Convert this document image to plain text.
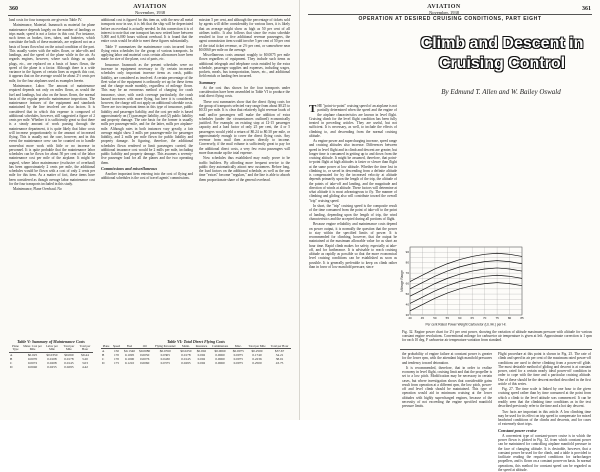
360	AVIATION
November, 1938

land costs for four transports are given in Table IV.

Maintenance, Material. Inasmuch as material for plane maintenance depends largely on the number of landings or trips made, speed is not a factor in this cost. For instance, such items as brakes, tires, tubes, and batteries, which constitute the bulk of these materials, are replaced not on a basis of hours flown but on the actual condition of the part. This usually varies with the miles flown, or take-offs and landings, and the speed of the plane while in the air. As regards engines, however, where such things as spark plugs, etc., are replaced on a basis of hours flown, the speed of the plane is a factor. Although there is a wide variance in the figures of certain lines as regards this cost, it appears that on the average would be about 2½ cents per mile, for the four airplanes used as examples herein.

Maintenance, Labor. The amount of maintenance required depends not only on miles flown, as would the fuel and landings, but also on the hours flown, the normal basis of the regular periodic maintenance inspections. The maintenance features of the equipment and standards maintained by the line involved are also factors. It is considered that in which this expense is composed of additional schedules, however, still suggested a figure of 2 cents per mile. Whether it is sufficiently great so that there is a steady amount of work passing through the maintenance department, it is quite likely that labor costs will increase proportionately to the amount of increased flying. This is usually not the case, however, and in this event the maintenance crew can be counted on to handle somewhat more work with little or no increase in personnel. It is quite probable that the maintenance labor schedules can be flown for about 50 per cent of the labor maintenance cost per mile of the airplane. It might be argued, where labor maintenance (exclusive of overhaul) has been approximately 2 cents per mile, the additional schedules would be flown with a cost of only 2 cents per mile for this item. As a matter of fact, these items have been considered as though average labor maintenance cost for the four transports included in this study.

Maintenance, Plane Overhaul. No

additional cost is figured for this item as, with the new all metal transports now in use, it is felt that the ship will be depreciated before an overhaul is actually needed. In this connection it is of interest to note that one transport has now retired have between 5,000 and 6,000 hours without overhaul. It is found that the entire costs would be able to meet these figures substantially.

Table V summarizes the maintenance costs incurred from flying extra schedules for the group of various transports. In applying labor and material costs certain allowances have been made for size of the plane, cost of parts, etc.

Insurance. Inasmuch as the present schedules were no increase in equipment necessary to fly certain increased schedules only important increase items as crash, public liability, are considered as involved. A certain percentage of the fleet value of the equipment is ordinarily set up for these items and the charge made monthly, regardless of mileage flown. This may be an erroneous method of charging for crash insurance, since, with crash coverage particularly, the crash hazard increases with more flying, but here it is considered, however, the charge will not apply on additional schedule costs. There are two important items in this type of insurance, public liability and passenger liability, and the cost per mile is based approximately on (1) passenger liability, and (2) public liability and property damage. The rate basis for the former is usually mills per passenger-mile, and for the latter, mills per airplane-mile. Although rates in both instances vary greatly, a fair average might show 3 mills per passenger-mile for passenger liability, and 2 mills per mile flown for public liability and property damage. In figuring, therefore, the additional schedules flown rendered or limit passengers carried, the additional insurance cost would be 2 mills per mile, including public liability and property damage. This assumes a seventy-five passenger load for all the planes and the two operating them.

Commissions and miscellaneous

Another important item entering into the cost of flying and additional schedules is the cost of travel agents' commissions.

mission 5 per cent, and although the percentage of tickets sold by agents will differ considerably for various lines, it is likely that an average might show as high as 50 per cent of all airlines traffic. It also follows that since the extra schedule resulted in four or five additional revenue passengers, the agent commission item would involve 5 per cent of 50 per cent of the total ticket revenue, or 2½ per cent, or somewhere near $0.0060 per mile on the average.

Miscellaneous costs amount roughly to $0.0075 per mile flown regardless of equipment. They include such items as additional telegraph and telephone costs entailed by the extra schedule, passenger supplies and expenses, including wages, pockets, meals, bus transportation, buses, etc., and additional field rentals or landing fees incurred.

Summary

At the cost thus shown for the four transports under consideration have been assembled in Table VI to produce the total direct flying costs.

These cost summaries show that the direct flying costs for the group of transports selected vary range from about $0.25 to $0.33 per mile. It is clear that relatively light revenue loads of mail and/or passengers will make the addition of extra schedules (under the circumstances outlined) economically justified. For example, an existing stop at 12-15 passenger capacity and a load factor of only 25 per cent, the 4 or 5 passengers would yield a return of $0.24 to $0.30 per mile, or approximately enough to cover the direct flying costs. Any revenue from mail then accrues directly to income. Conversely, if the mail volume is sufficiently great to pay for the additional direct costs, a very few extra passengers will more than make up the total expense.

Now schedules thus established may easily prove to be traffic builders. By affording more frequent service to the public they automatically attract new customers. Before long, the load factors on the additional schedule, as well as the one time "extras" become "regulars," and the line is able to absorb them proportionate share of the general overhead.

Table V: Summary of Maintenance Costs
Plane Type	Mater. Cost per Mile	Labor per Mile	Total per Mile	Total per Hour
A	$0.025	$0.0350	$0.060	$9.44
B	0.0070	0.0108	0.0178	3.20
C	0.0072	0.0208	0.0145	3.03
D	0.0040	0.0255	0.0295	4.42
Table VI: Total Direct Flying Costs
Plane	Speed	Fuel	Oil	Flying Personnel	Maint.	Insurance	Commissions	Misc.	Total per Mile	Total per Hour
A	150	$0.1340	$0.0080	$0.0350	$0.0250	$0.002	$0.0060	$0.0075	$0.2500	$37.67
B	170	0.1095	0.0050	0.0305	0.0178	0.002	0.0060	0.0075	0.1740	34.21
C	170	0.1000	0.0076	0.0430	0.0145	0.002	0.0060	0.0075	0.2236	38.01
D	175	0.1210	0.0060	0.0375	0.0295	0.002	0.0060	0.0075	0.2500	43.75
AVIATION
November, 1938
361
OPERATION AT DESIRED CRUISING CONDITIONS, PART EIGHT
Climb and Descent in Cruising Control
By Edmund T. Allen and W. Bailey Oswald

THE "point-to-point" cruising speed of an airplane is not partially determined when the speed and the engine of the airplane characteristics are known in level flight. Cruising climb for the level flight condition has been fully treated in preceding articles. They are useful, but not sufficient. It is necessary, as well, to include the effects of climbing to, and descending from the normal cruising altitude.

As engine power and supercharging increase, speed range and cruising altitudes also increase. Differences between speed in level flight and in climb and descent are greater, but longer time is consumed in getting up to and down from the cruising altitude. It might be assumed, therefore, that point-to-point flight at high altitudes is faster or slower than flight at the same power at low altitude. Whether the time lost in climbing to, or saved in descending from a definite altitude is compensated for by the increased velocity at altitude depends primarily upon the length of the trip, the altitude of the points of take-off and landing, and the magnitude and direction of winds at altitude. These factors will determine at what altitude it is most advantageous to fly. The manner of climbing and gliding also will contribute toward the overall "trip" cruising speed.

In short, the "trip" cruising speed is the composite result of the time consumed from the point of take-off to the point of landing, depending upon the length of trip, the wind characteristics and the accepted during all portions of flight.

Because engine reliability and maintenance costs depend on power output, it is normally the question that the power to stay within the specified limits of power. It is recommended for climbing, however, that the output be maintained at the maximum allowable value for as short an hour time. Rapid climb makes for safety, especially at take-off, and for furtherance. It is advisable to reach cruising altitude as rapidly as possible so that the more economical level cruising conditions can be established as soon as possible. It is generally preferable to keep on climb rather than in favor of low manifold pressure, since

the probability of engine failure at constant power is greater for the lower rpm, with the attendant high manifold pressures and tendency toward detonation.

It is recommended, therefore, that in order to realize economy in level flight, cruising limit and that the propeller is set to a low pitch. Modification may be necessary in certain cases, but where investigation shows that considerable gains result from operation at a different rpm, the low pitch, power-off and level climb should be maintained. This type of operation would aid in minimum cruising at the lower altitudes with highly supercharged engines, because of the necessity of not exceeding the engine specified manifold pressure limits.

Flight procedure at this point is shown in Fig. 25. The rate of climb and speed in air per cent of the maximum rated power-off conditions are used to derive climbing from a power-off glide. The most desirable method of gliding and descent is at constant power, rated for a certain nearly ideal power-off condition in order to cope with the time and a particular cruising altitude. One of these should be the descent method described in the first article of this series.

Fig. 27. The time scale is linked by one hour to the given cruising speed rather than by time consumed at the point from which a climb to the level attitude was commenced. It can be readily seen that the climbing time conditions as in the text described previously refer to the time and a hot day descent.

Two facts are important in this article. A low climbing time may be used for its effect on trip speed to compensate for mixed headwind conditions of the climbs and descents, and for cases of extremely short trips.

Constant power cruise

A convenient type of constant-power cruise is in which the power flown is plotted in Fig. 32, from which constant power can be maintained for controlling airplane manifold pressure in the face of changing altitude. It is desirable, however, that a constant power be used for the climb, and a table is provided to facilitate reading the required conditions for turbocharger propellers, and is flown on a constant power-on basis. In normal operations, this method for constant speed can be regarded as the speed at altitude.

40	45	50	55	60	65	70	75	80	85
30
40
50
60
70
80
90
Per cent Rated Power Weight Carburetor (Lb./Hr.) per Hr.
Mileage Range
Fig. 32. Engine power chart for 2½ per cent power, showing the variation of altitude maximum pressure with altitude for various constant engine revolutions. Conventional mileage for carburetor air temperature is given at left. Approximate correction is 1 rpm for each 10 deg. F carburetor air temperature variation from standard.
